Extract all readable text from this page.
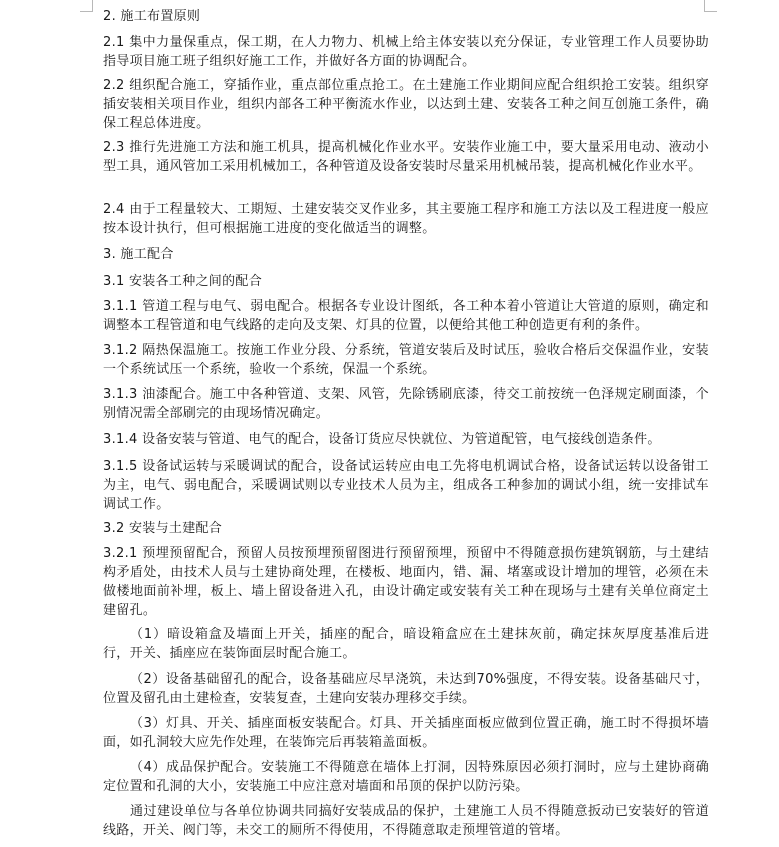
2. 施工布置原则

2.1 集中力量保重点，保工期，在人力物力、机械上给主体安装以充分保证，专业管理工作人员要协助指导项目施工班子组织好施工工作，并做好各方面的协调配合。

2.2 组织配合施工，穿插作业，重点部位重点抢工。在土建施工作业期间应配合组织抢工安装。组织穿插安装相关项目作业，组织内部各工种平衡流水作业，以达到土建、安装各工种之间互创施工条件，确保工程总体进度。

2.3 推行先进施工方法和施工机具，提高机械化作业水平。安装作业施工中，要大量采用电动、液动小型工具，通风管加工采用机械加工，各种管道及设备安装时尽量采用机械吊装，提高机械化作业水平。

2.4 由于工程量较大、工期短、土建安装交叉作业多，其主要施工程序和施工方法以及工程进度一般应按本设计执行，但可根据施工进度的变化做适当的调整。

3. 施工配合

3.1 安装各工种之间的配合

3.1.1 管道工程与电气、弱电配合。根据各专业设计图纸，各工种本着小管道让大管道的原则，确定和调整本工程管道和电气线路的走向及支架、灯具的位置，以便给其他工种创造更有利的条件。

3.1.2 隔热保温施工。按施工作业分段、分系统，管道安装后及时试压，验收合格后交保温作业，安装一个系统试压一个系统，验收一个系统，保温一个系统。

3.1.3 油漆配合。施工中各种管道、支架、风管，先除锈刷底漆，待交工前按统一色泽规定刷面漆，个别情况需全部刷完的由现场情况确定。

3.1.4 设备安装与管道、电气的配合，设备订货应尽快就位、为管道配管，电气接线创造条件。

3.1.5 设备试运转与采暖调试的配合，设备试运转应由电工先将电机调试合格，设备试运转以设备钳工为主，电气、弱电配合，采暖调试则以专业技术人员为主，组成各工种参加的调试小组，统一安排试车调试工作。

3.2 安装与土建配合

3.2.1 预埋预留配合，预留人员按预埋预留图进行预留预埋，预留中不得随意损伤建筑钢筋，与土建结构矛盾处，由技术人员与土建协商处理，在楼板、地面内，错、漏、堵塞或设计增加的埋管，必须在未做楼地面前补埋，板上、墙上留设备进入孔，由设计确定或安装有关工种在现场与土建有关单位商定土建留孔。

（1）暗设箱盒及墙面上开关，插座的配合，暗设箱盒应在土建抹灰前，确定抹灰厚度基准后进行，开关、插座应在装饰面层时配合施工。

（2）设备基础留孔的配合，设备基础应尽早浇筑，未达到70%强度，不得安装。设备基础尺寸，位置及留孔由土建检查，安装复查，土建向安装办理移交手续。

（3）灯具、开关、插座面板安装配合。灯具、开关插座面板应做到位置正确，施工时不得损坏墙面，如孔洞较大应先作处理，在装饰完后再装箱盖面板。

（4）成品保护配合。安装施工不得随意在墙体上打洞，因特殊原因必须打洞时，应与土建协商确定位置和孔洞的大小，安装施工中应注意对墙面和吊顶的保护以防污染。

通过建设单位与各单位协调共同搞好安装成品的保护，土建施工人员不得随意扳动已安装好的管道线路，开关、阀门等，未交工的厕所不得使用，不得随意取走预埋管道的管堵。
